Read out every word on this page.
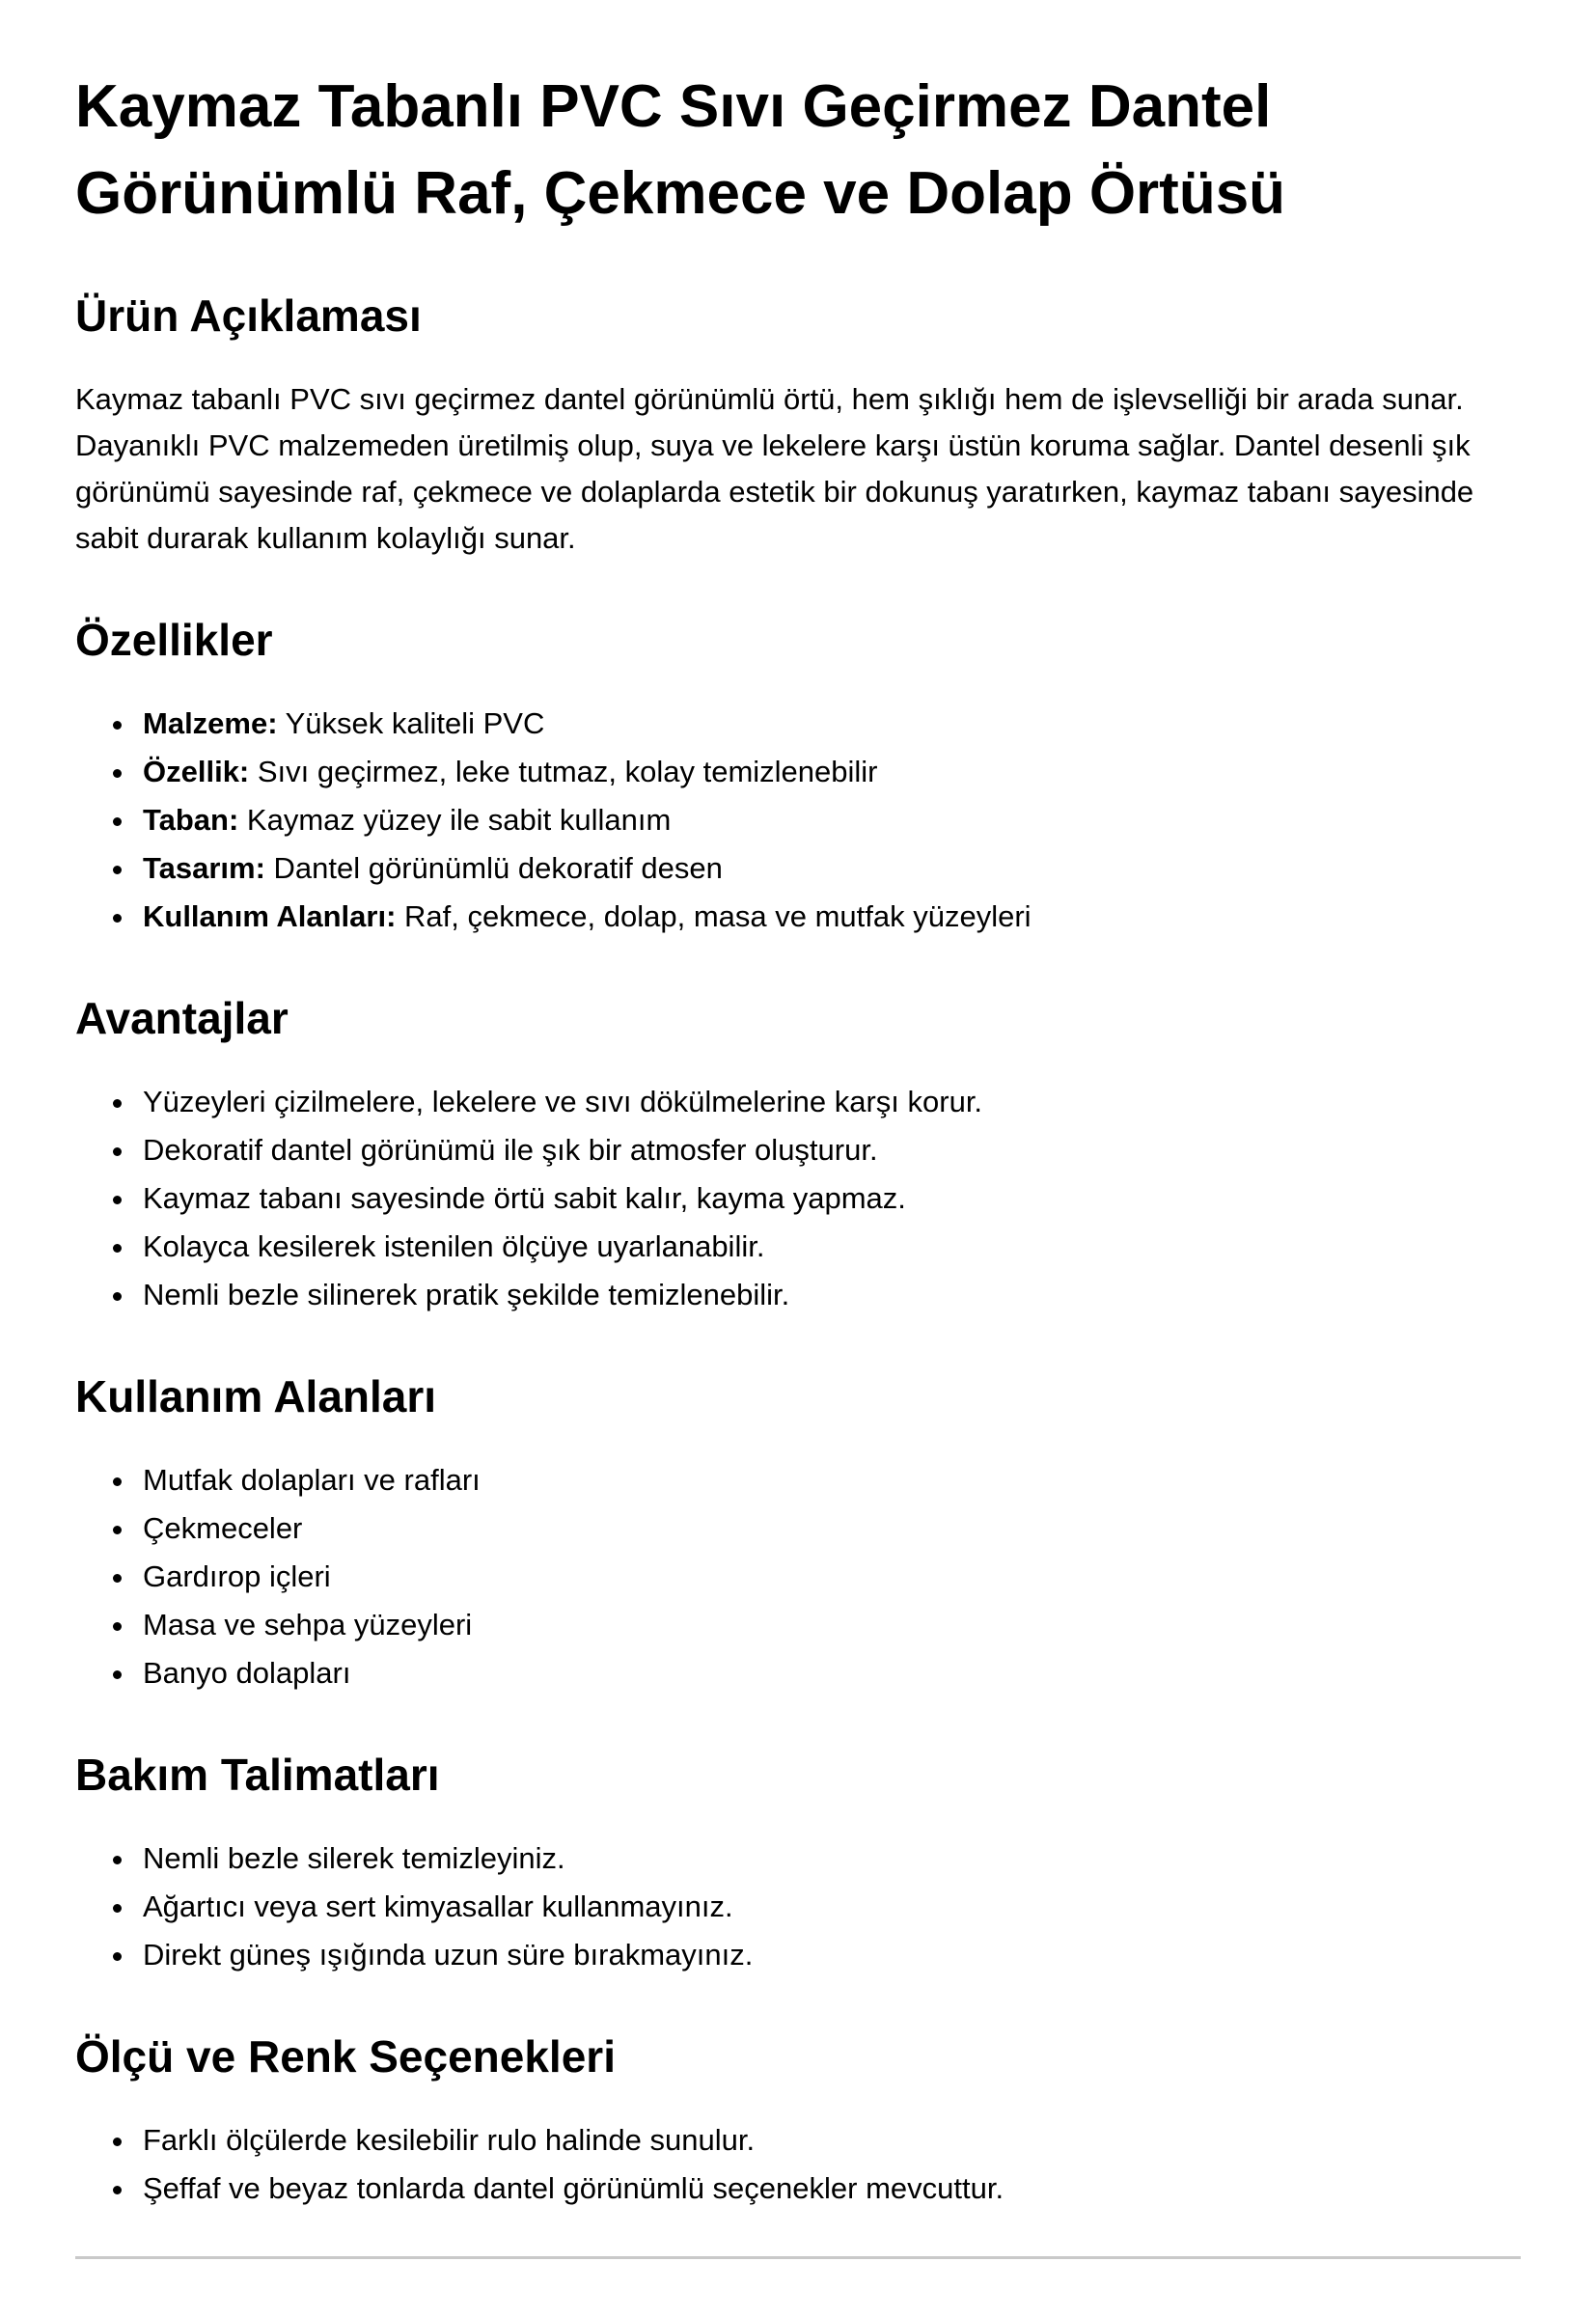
Kaymaz Tabanlı PVC Sıvı Geçirmez Dantel Görünümlü Raf, Çekmece ve Dolap Örtüsü
Ürün Açıklaması

Kaymaz tabanlı PVC sıvı geçirmez dantel görünümlü örtü, hem şıklığı hem de işlevselliği bir arada sunar. Dayanıklı PVC malzemeden üretilmiş olup, suya ve lekelere karşı üstün koruma sağlar. Dantel desenli şık görünümü sayesinde raf, çekmece ve dolaplarda estetik bir dokunuş yaratırken, kaymaz tabanı sayesinde sabit durarak kullanım kolaylığı sunar.

Özellikler
• Malzeme: Yüksek kaliteli PVC
• Özellik: Sıvı geçirmez, leke tutmaz, kolay temizlenebilir
• Taban: Kaymaz yüzey ile sabit kullanım
• Tasarım: Dantel görünümlü dekoratif desen
• Kullanım Alanları: Raf, çekmece, dolap, masa ve mutfak yüzeyleri
Avantajlar
• Yüzeyleri çizilmelere, lekelere ve sıvı dökülmelerine karşı korur.
• Dekoratif dantel görünümü ile şık bir atmosfer oluşturur.
• Kaymaz tabanı sayesinde örtü sabit kalır, kayma yapmaz.
• Kolayca kesilerek istenilen ölçüye uyarlanabilir.
• Nemli bezle silinerek pratik şekilde temizlenebilir.
Kullanım Alanları
• Mutfak dolapları ve rafları
• Çekmeceler
• Gardırop içleri
• Masa ve sehpa yüzeyleri
• Banyo dolapları
Bakım Talimatları
• Nemli bezle silerek temizleyiniz.
• Ağartıcı veya sert kimyasallar kullanmayınız.
• Direkt güneş ışığında uzun süre bırakmayınız.
Ölçü ve Renk Seçenekleri
• Farklı ölçülerde kesilebilir rulo halinde sunulur.
• Şeffaf ve beyaz tonlarda dantel görünümlü seçenekler mevcuttur.
